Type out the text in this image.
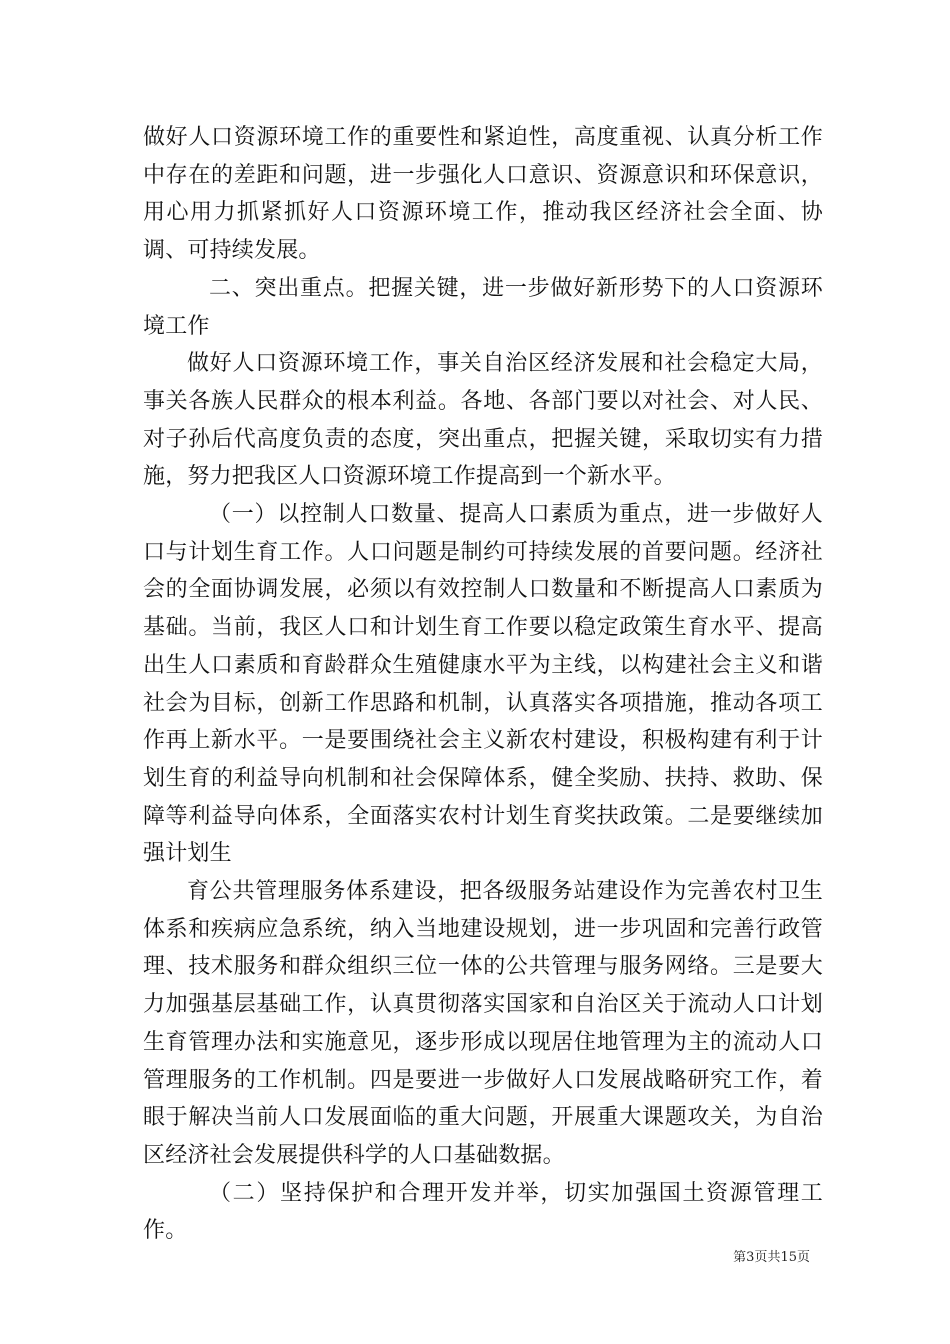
做好人口资源环境工作的重要性和紧迫性，高度重视、认真分析工作中存在的差距和问题，进一步强化人口意识、资源意识和环保意识，用心用力抓紧抓好人口资源环境工作，推动我区经济社会全面、协调、可持续发展。

二、突出重点。把握关键，进一步做好新形势下的人口资源环境工作

做好人口资源环境工作，事关自治区经济发展和社会稳定大局，事关各族人民群众的根本利益。各地、各部门要以对社会、对人民、对子孙后代高度负责的态度，突出重点，把握关键，采取切实有力措施，努力把我区人口资源环境工作提高到一个新水平。

（一）以控制人口数量、提高人口素质为重点，进一步做好人口与计划生育工作。人口问题是制约可持续发展的首要问题。经济社会的全面协调发展，必须以有效控制人口数量和不断提高人口素质为基础。当前，我区人口和计划生育工作要以稳定政策生育水平、提高出生人口素质和育龄群众生殖健康水平为主线，以构建社会主义和谐社会为目标，创新工作思路和机制，认真落实各项措施，推动各项工作再上新水平。一是要围绕社会主义新农村建设，积极构建有利于计划生育的利益导向机制和社会保障体系，健全奖励、扶持、救助、保障等利益导向体系，全面落实农村计划生育奖扶政策。二是要继续加强计划生

育公共管理服务体系建设，把各级服务站建设作为完善农村卫生体系和疾病应急系统，纳入当地建设规划，进一步巩固和完善行政管理、技术服务和群众组织三位一体的公共管理与服务网络。三是要大力加强基层基础工作，认真贯彻落实国家和自治区关于流动人口计划生育管理办法和实施意见，逐步形成以现居住地管理为主的流动人口管理服务的工作机制。四是要进一步做好人口发展战略研究工作，着眼于解决当前人口发展面临的重大问题，开展重大课题攻关，为自治区经济社会发展提供科学的人口基础数据。

（二）坚持保护和合理开发并举，切实加强国土资源管理工作。

第3页共15页
